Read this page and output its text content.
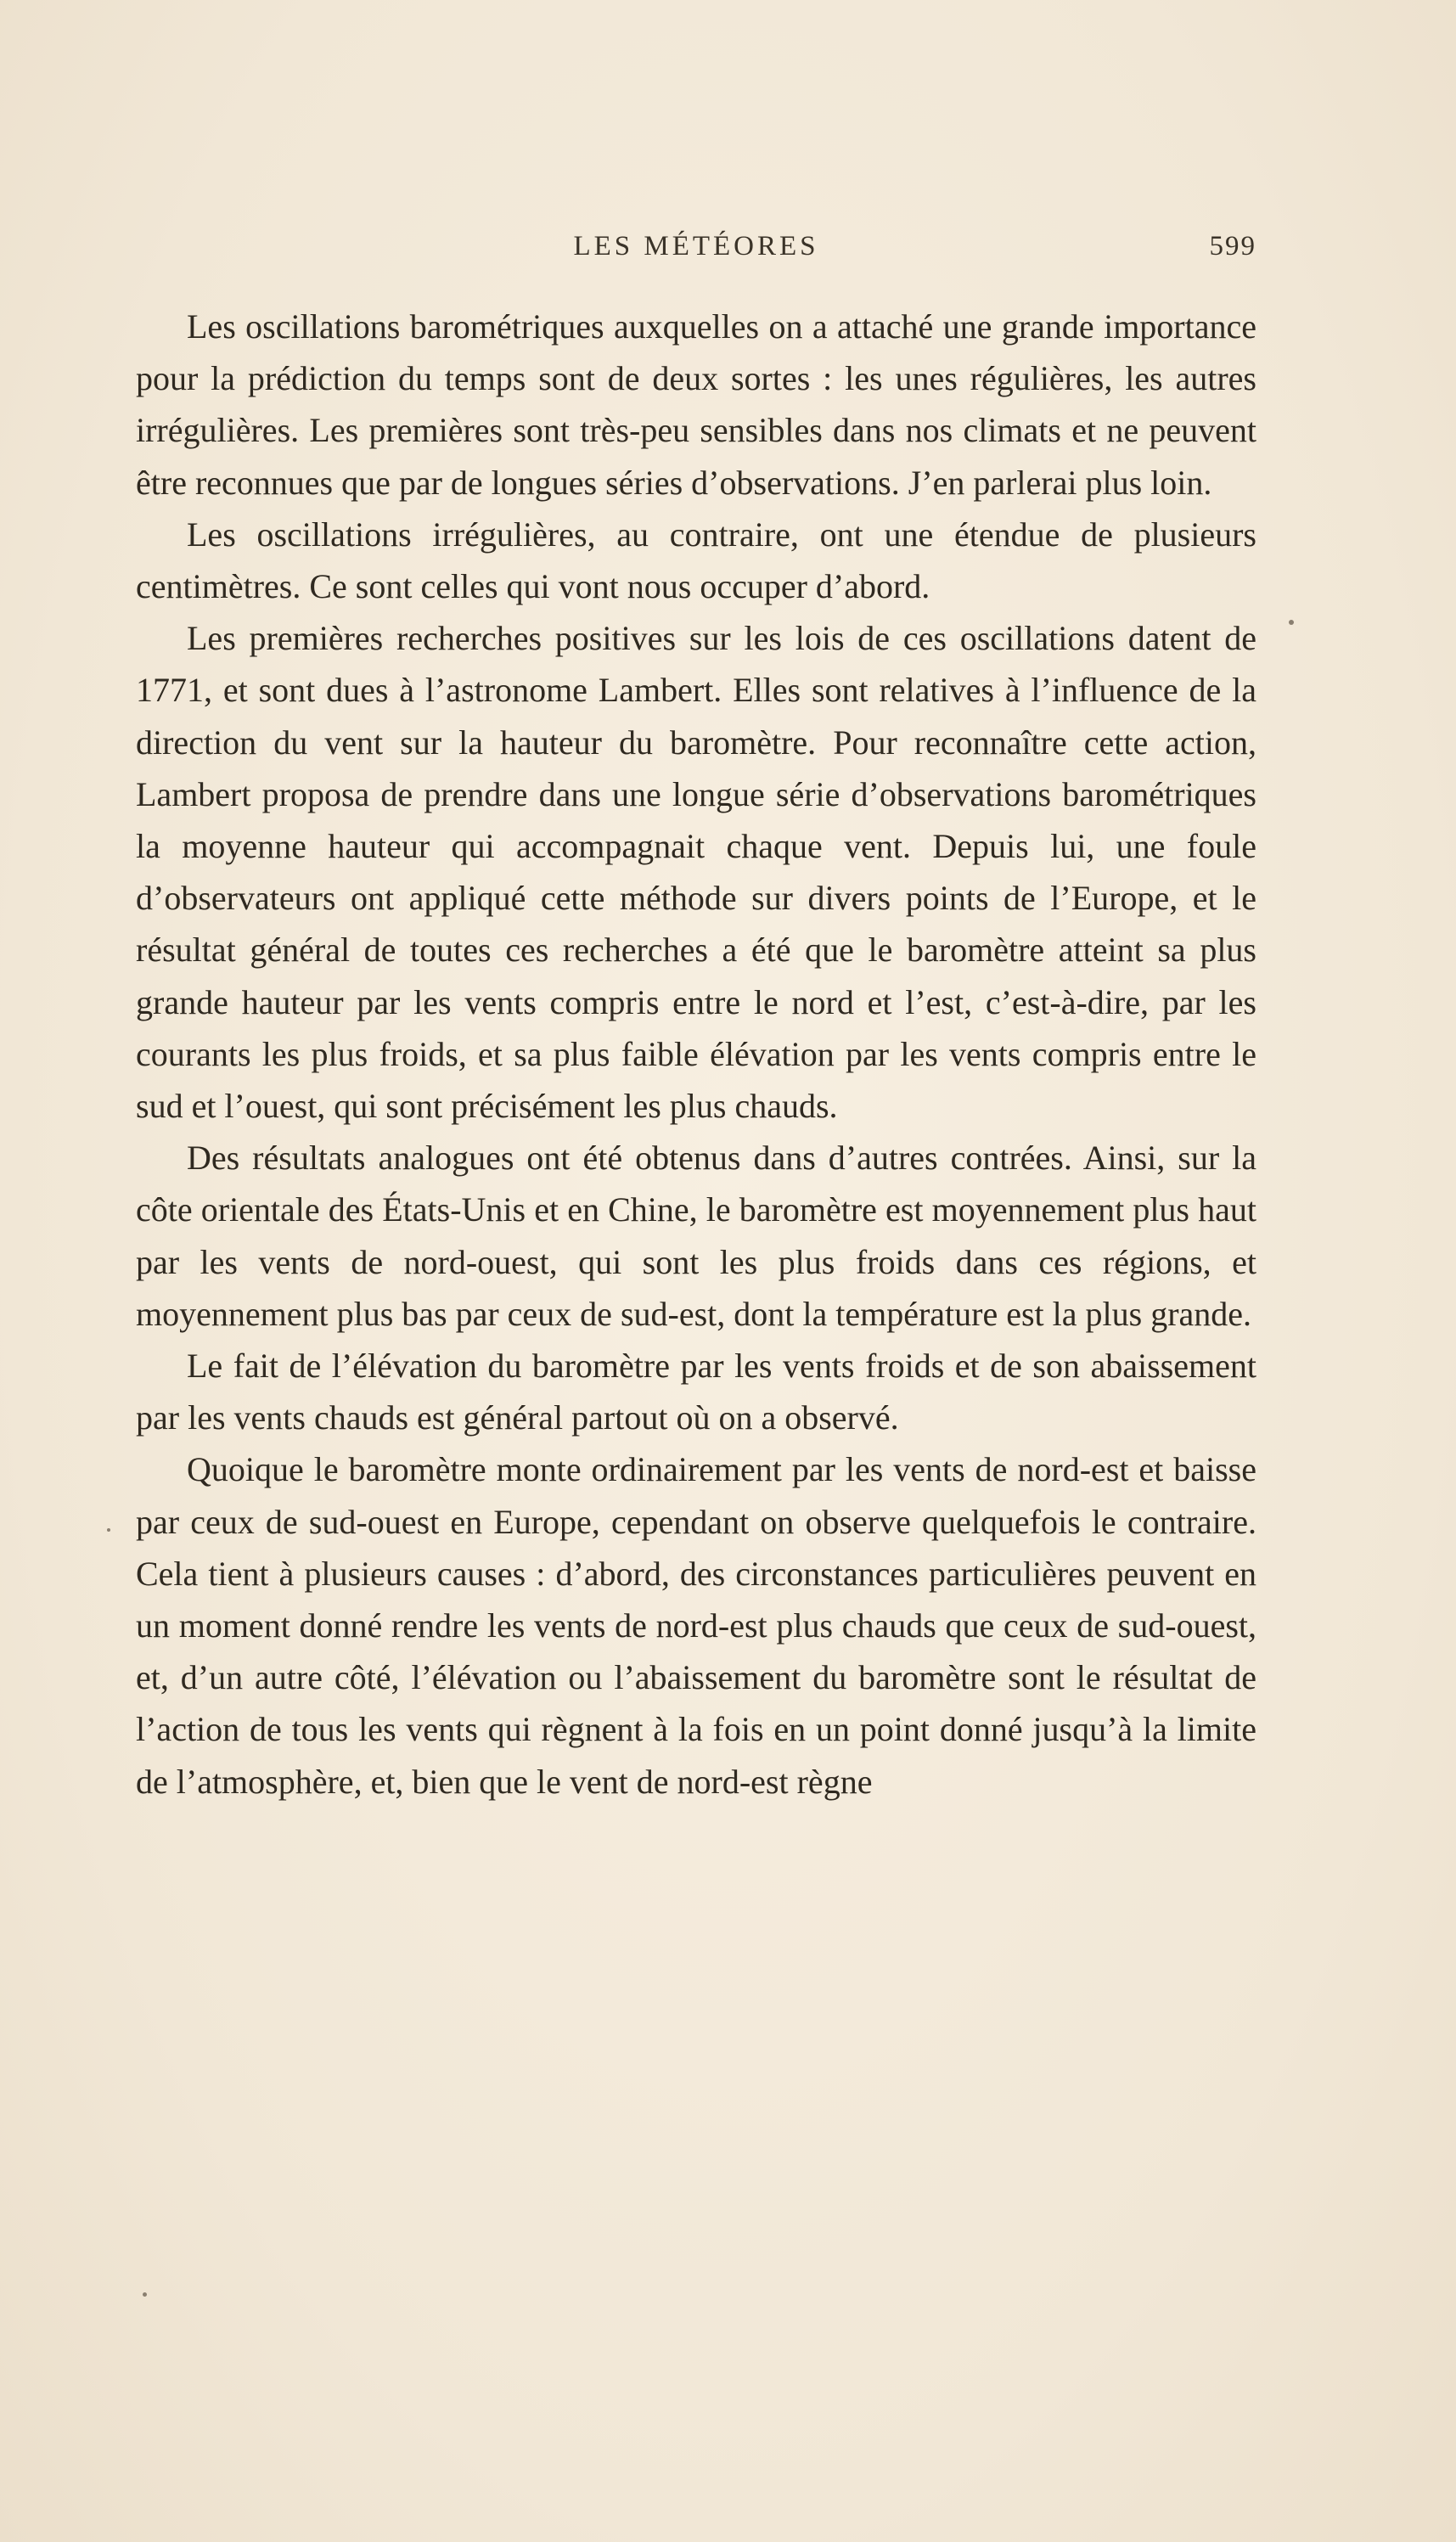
LES MÉTÉORES	599

Les oscillations barométriques auxquelles on a attaché une grande importance pour la prédiction du temps sont de deux sortes : les unes régulières, les autres irrégulières. Les premières sont très-peu sensibles dans nos climats et ne peuvent être reconnues que par de longues séries d’observations. J’en parlerai plus loin.

Les oscillations irrégulières, au contraire, ont une étendue de plusieurs centimètres. Ce sont celles qui vont nous occuper d’abord.

Les premières recherches positives sur les lois de ces oscillations datent de 1771, et sont dues à l’astronome Lambert. Elles sont relatives à l’influence de la direction du vent sur la hauteur du baromètre. Pour reconnaître cette action, Lambert proposa de prendre dans une longue série d’observations barométriques la moyenne hauteur qui accompagnait chaque vent. Depuis lui, une foule d’observateurs ont appliqué cette méthode sur divers points de l’Europe, et le résultat général de toutes ces recherches a été que le baromètre atteint sa plus grande hauteur par les vents compris entre le nord et l’est, c’est-à-dire, par les courants les plus froids, et sa plus faible élévation par les vents compris entre le sud et l’ouest, qui sont précisément les plus chauds.

Des résultats analogues ont été obtenus dans d’autres contrées. Ainsi, sur la côte orientale des États-Unis et en Chine, le baromètre est moyennement plus haut par les vents de nord-ouest, qui sont les plus froids dans ces régions, et moyennement plus bas par ceux de sud-est, dont la température est la plus grande.

Le fait de l’élévation du baromètre par les vents froids et de son abaissement par les vents chauds est général partout où on a observé.

Quoique le baromètre monte ordinairement par les vents de nord-est et baisse par ceux de sud-ouest en Europe, cependant on observe quelquefois le contraire. Cela tient à plusieurs causes : d’abord, des circonstances particulières peuvent en un moment donné rendre les vents de nord-est plus chauds que ceux de sud-ouest, et, d’un autre côté, l’élévation ou l’abaissement du baromètre sont le résultat de l’action de tous les vents qui règnent à la fois en un point donné jusqu’à la limite de l’atmosphère, et, bien que le vent de nord-est règne
